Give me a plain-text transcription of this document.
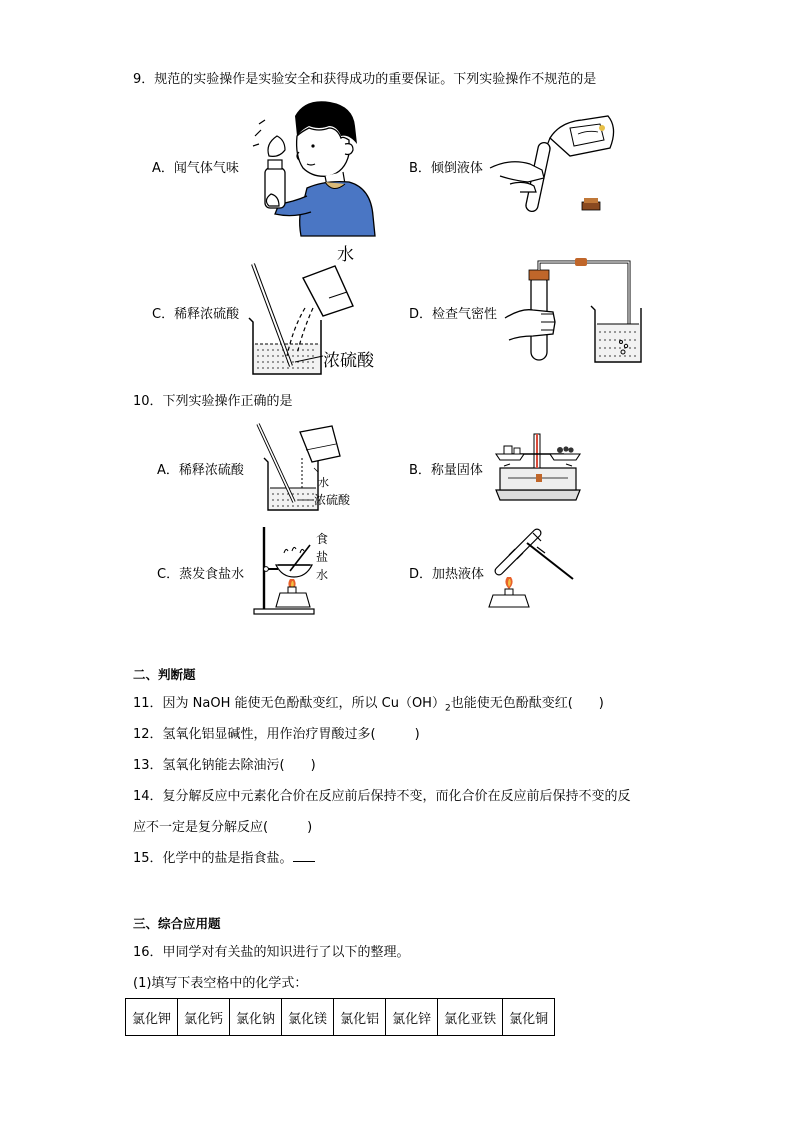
9．规范的实验操作是实验安全和获得成功的重要保证。下列实验操作不规范的是
A．闻气体气味	B．倾倒液体
C．稀释浓硫酸
水
浓硫酸
D．检查气密性
10．下列实验操作正确的是
A．稀释浓硫酸
水
浓硫酸
B．称量固体
C．蒸发食盐水
食
盐
水	D．加热液体
二、判断题
11．因为 NaOH 能使无色酚酞变红，所以 $Cu(OH)_2$也能使无色酚酞变红(　　)
12．氢氧化铝显碱性，用作治疗胃酸过多(　　　)
13．氢氧化钠能去除油污(　　)
14．复分解反应中元素化合价在反应前后保持不变，而化合价在反应前后保持不变的反
应不一定是复分解反应(　　　)
15．化学中的盐是指食盐。
三、综合应用题
16．甲同学对有关盐的知识进行了以下的整理。
(1)填写下表空格中的化学式：
氯化钾	氯化钙	氯化钠	氯化镁	氯化铝	氯化锌	氯化亚铁	氯化铜
